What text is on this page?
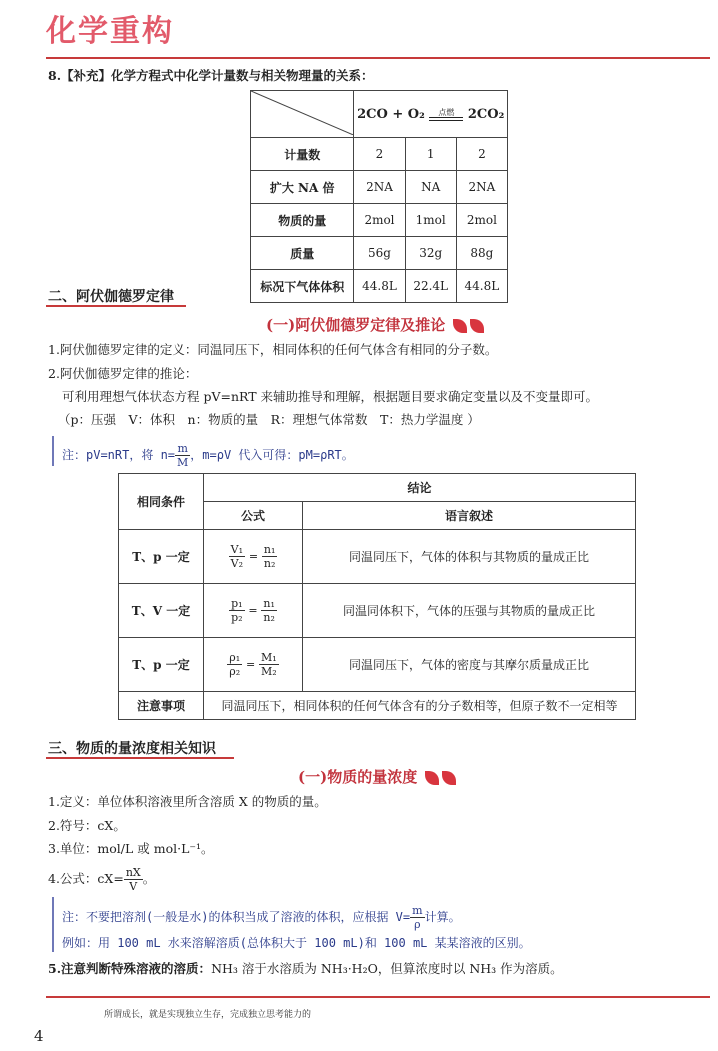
化学重构
8.【补充】化学方程式中化学计量数与相关物理量的关系：
	2CO + O₂ 点燃 2CO₂		
计量数	2	1	2
扩大 NA 倍	2NA	NA	2NA
物质的量	2mol	1mol	2mol
质量	56g	32g	88g
标况下气体体积	44.8L	22.4L	44.8L
二、阿伏伽德罗定律
(一)阿伏伽德罗定律及推论
1.阿伏伽德罗定律的定义：同温同压下，相同体积的任何气体含有相同的分子数。
2.阿伏伽德罗定律的推论：
可利用理想气体状态方程 pV=nRT 来辅助推导和理解，根据题目要求确定变量以及不变量即可。
（p：压强　V：体积　n：物质的量　R：理想气体常数　T：热力学温度 ）
注：pV=nRT，将 $n= \frac{m}{M}$ ，m=ρV 代入可得：pM=ρRT。
相同条件	结论	
	公式	语言叙述
T、p 一定	$\frac{\text{V₁}}{\text{V₂}} = \frac{\text{n₁}}{\text{n₂}}$	同温同压下，气体的体积与其物质的量成正比
T、V 一定	$\frac{\text{p₁}}{\text{p₂}} = \frac{\text{n₁}}{\text{n₂}}$	同温同体积下，气体的压强与其物质的量成正比
T、p 一定	$\frac{\text{ρ₁}}{\text{ρ₂}} = \frac{\text{M₁}}{\text{M₂}}$	同温同压下，气体的密度与其摩尔质量成正比
注意事项	同温同压下，相同体积的任何气体含有的分子数相等，但原子数不一定相等	
三、物质的量浓度相关知识
(一)物质的量浓度
1.定义：单位体积溶液里所含溶质 X 的物质的量。
2.符号：cX。
3.单位：mol/L 或 mol·L⁻¹。
4.公式：$cX= \frac{nX}{V}$ 。
注：不要把溶剂(一般是水)的体积当成了溶液的体积，应根据 $V= \frac{m}{\rho}$ 计算。
例如：用 100 mL 水来溶解溶质(总体积大于 100 mL)和 100 mL 某某溶液的区别。
5.注意判断特殊溶液的溶质：NH₃ 溶于水溶质为 NH₃·H₂O，但算浓度时以 NH₃ 作为溶质。
所谓成长，就是实现独立生存，完成独立思考能力的
4
